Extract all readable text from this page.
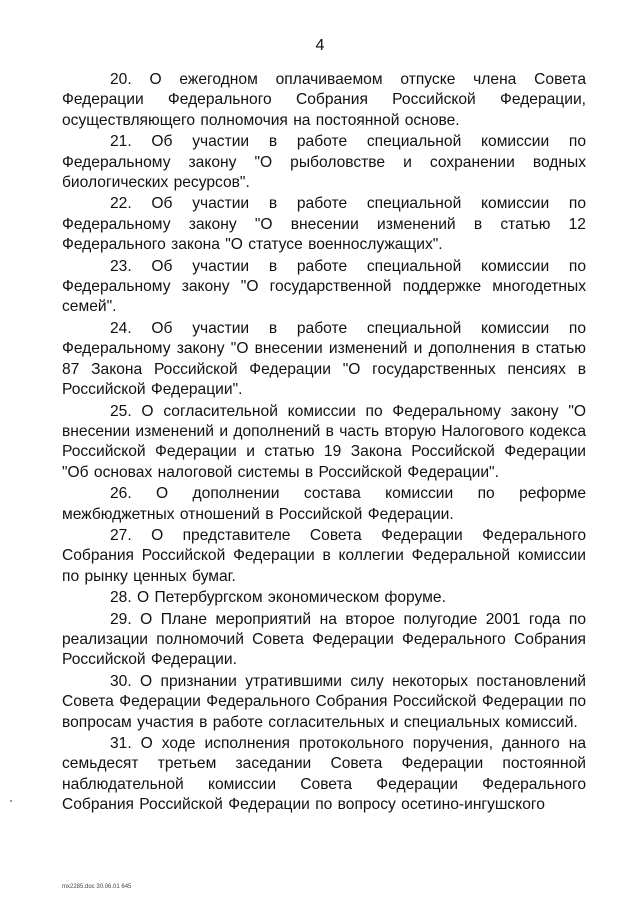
4

20. О ежегодном оплачиваемом отпуске члена Совета Федерации Федерального Собрания Российской Федерации, осуществляющего полномочия на постоянной основе.

21. Об участии в работе специальной комиссии по Федеральному закону "О рыболовстве и сохранении водных биологических ресурсов".

22. Об участии в работе специальной комиссии по Федеральному закону "О внесении изменений в статью 12 Федерального закона "О статусе военнослужащих".

23. Об участии в работе специальной комиссии по Федеральному закону "О государственной поддержке многодетных семей".

24. Об участии в работе специальной комиссии по Федеральному закону "О внесении изменений и дополнения в статью 87 Закона Российской Федерации "О государственных пенсиях в Российской Федерации".

25. О согласительной комиссии по Федеральному закону "О внесении изменений и дополнений в часть вторую Налогового кодекса Российской Федерации и статью 19 Закона Российской Федерации "Об основах налоговой системы в Российской Федерации".

26. О дополнении состава комиссии по реформе межбюджетных отношений в Российской Федерации.

27. О представителе Совета Федерации Федерального Собрания Российской Федерации в коллегии Федеральной комиссии по рынку ценных бумаг.

28. О Петербургском экономическом форуме.

29. О Плане мероприятий на второе полугодие 2001 года по реализации полномочий Совета Федерации Федерального Собрания Российской Федерации.

30. О признании утратившими силу некоторых постановлений Совета Федерации Федерального Собрания Российской Федерации по вопросам участия в работе согласительных и специальных комиссий.

31. О ходе исполнения протокольного поручения, данного на семьдесят третьем заседании Совета Федерации постоянной наблюдательной комиссии Совета Федерации Федерального Собрания Российской Федерации по вопросу осетино-ингушского

mx2285.doc 30.06.01 645
